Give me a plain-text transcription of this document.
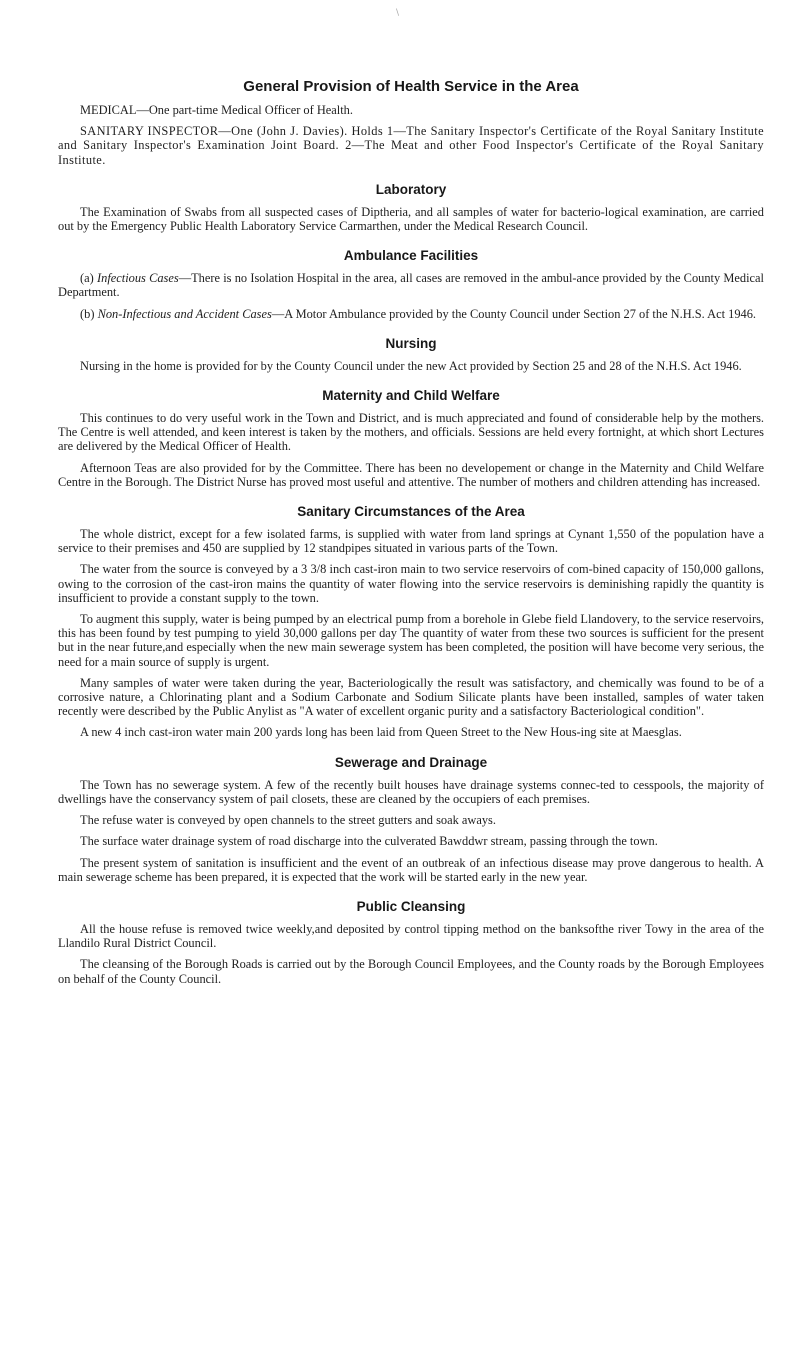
\
General Provision of Health Service in the Area

MEDICAL—One part-time Medical Officer of Health.

SANITARY INSPECTOR—One (John J. Davies). Holds 1—The Sanitary Inspector's Certificate of the Royal Sanitary Institute and Sanitary Inspector's Examination Joint Board. 2—The Meat and other Food Inspector's Certificate of the Royal Sanitary Institute.

Laboratory

The Examination of Swabs from all suspected cases of Diptheria, and all samples of water for bacterio-logical examination, are carried out by the Emergency Public Health Laboratory Service Carmarthen, under the Medical Research Council.

Ambulance Facilities

(a) Infectious Cases—There is no Isolation Hospital in the area, all cases are removed in the ambul-ance provided by the County Medical Department.

(b) Non-Infectious and Accident Cases—A Motor Ambulance provided by the County Council under Section 27 of the N.H.S. Act 1946.

Nursing

Nursing in the home is provided for by the County Council under the new Act provided by Section 25 and 28 of the N.H.S. Act 1946.

Maternity and Child Welfare

This continues to do very useful work in the Town and District, and is much appreciated and found of considerable help by the mothers. The Centre is well attended, and keen interest is taken by the mothers, and officials. Sessions are held every fortnight, at which short Lectures are delivered by the Medical Officer of Health.

Afternoon Teas are also provided for by the Committee. There has been no developement or change in the Maternity and Child Welfare Centre in the Borough. The District Nurse has proved most useful and attentive. The number of mothers and children attending has increased.

Sanitary Circumstances of the Area

The whole district, except for a few isolated farms, is supplied with water from land springs at Cynant 1,550 of the population have a service to their premises and 450 are supplied by 12 standpipes situated in various parts of the Town.

The water from the source is conveyed by a 3 3/8 inch cast-iron main to two service reservoirs of com-bined capacity of 150,000 gallons, owing to the corrosion of the cast-iron mains the quantity of water flowing into the service reservoirs is deminishing rapidly the quantity is insufficient to provide a constant supply to the town.

To augment this supply, water is being pumped by an electrical pump from a borehole in Glebe field Llandovery, to the service reservoirs, this has been found by test pumping to yield 30,000 gallons per day The quantity of water from these two sources is sufficient for the present but in the near future,and especially when the new main sewerage system has been completed, the position will have become very serious, the need for a main source of supply is urgent.

Many samples of water were taken during the year, Bacteriologically the result was satisfactory, and chemically was found to be of a corrosive nature, a Chlorinating plant and a Sodium Carbonate and Sodium Silicate plants have been installed, samples of water taken recently were described by the Public Anylist as "A water of excellent organic purity and a satisfactory Bacteriological condition".

A new 4 inch cast-iron water main 200 yards long has been laid from Queen Street to the New Hous-ing site at Maesglas.

Sewerage and Drainage

The Town has no sewerage system. A few of the recently built houses have drainage systems connec-ted to cesspools, the majority of dwellings have the conservancy system of pail closets, these are cleaned by the occupiers of each premises.

The refuse water is conveyed by open channels to the street gutters and soak aways.

The surface water drainage system of road discharge into the culverated Bawddwr stream, passing through the town.

The present system of sanitation is insufficient and the event of an outbreak of an infectious disease may prove dangerous to health. A main sewerage scheme has been prepared, it is expected that the work will be started early in the new year.

Public Cleansing

All the house refuse is removed twice weekly,and deposited by control tipping method on the banksofthe river Towy in the area of the Llandilo Rural District Council.

The cleansing of the Borough Roads is carried out by the Borough Council Employees, and the County roads by the Borough Employees on behalf of the County Council.
